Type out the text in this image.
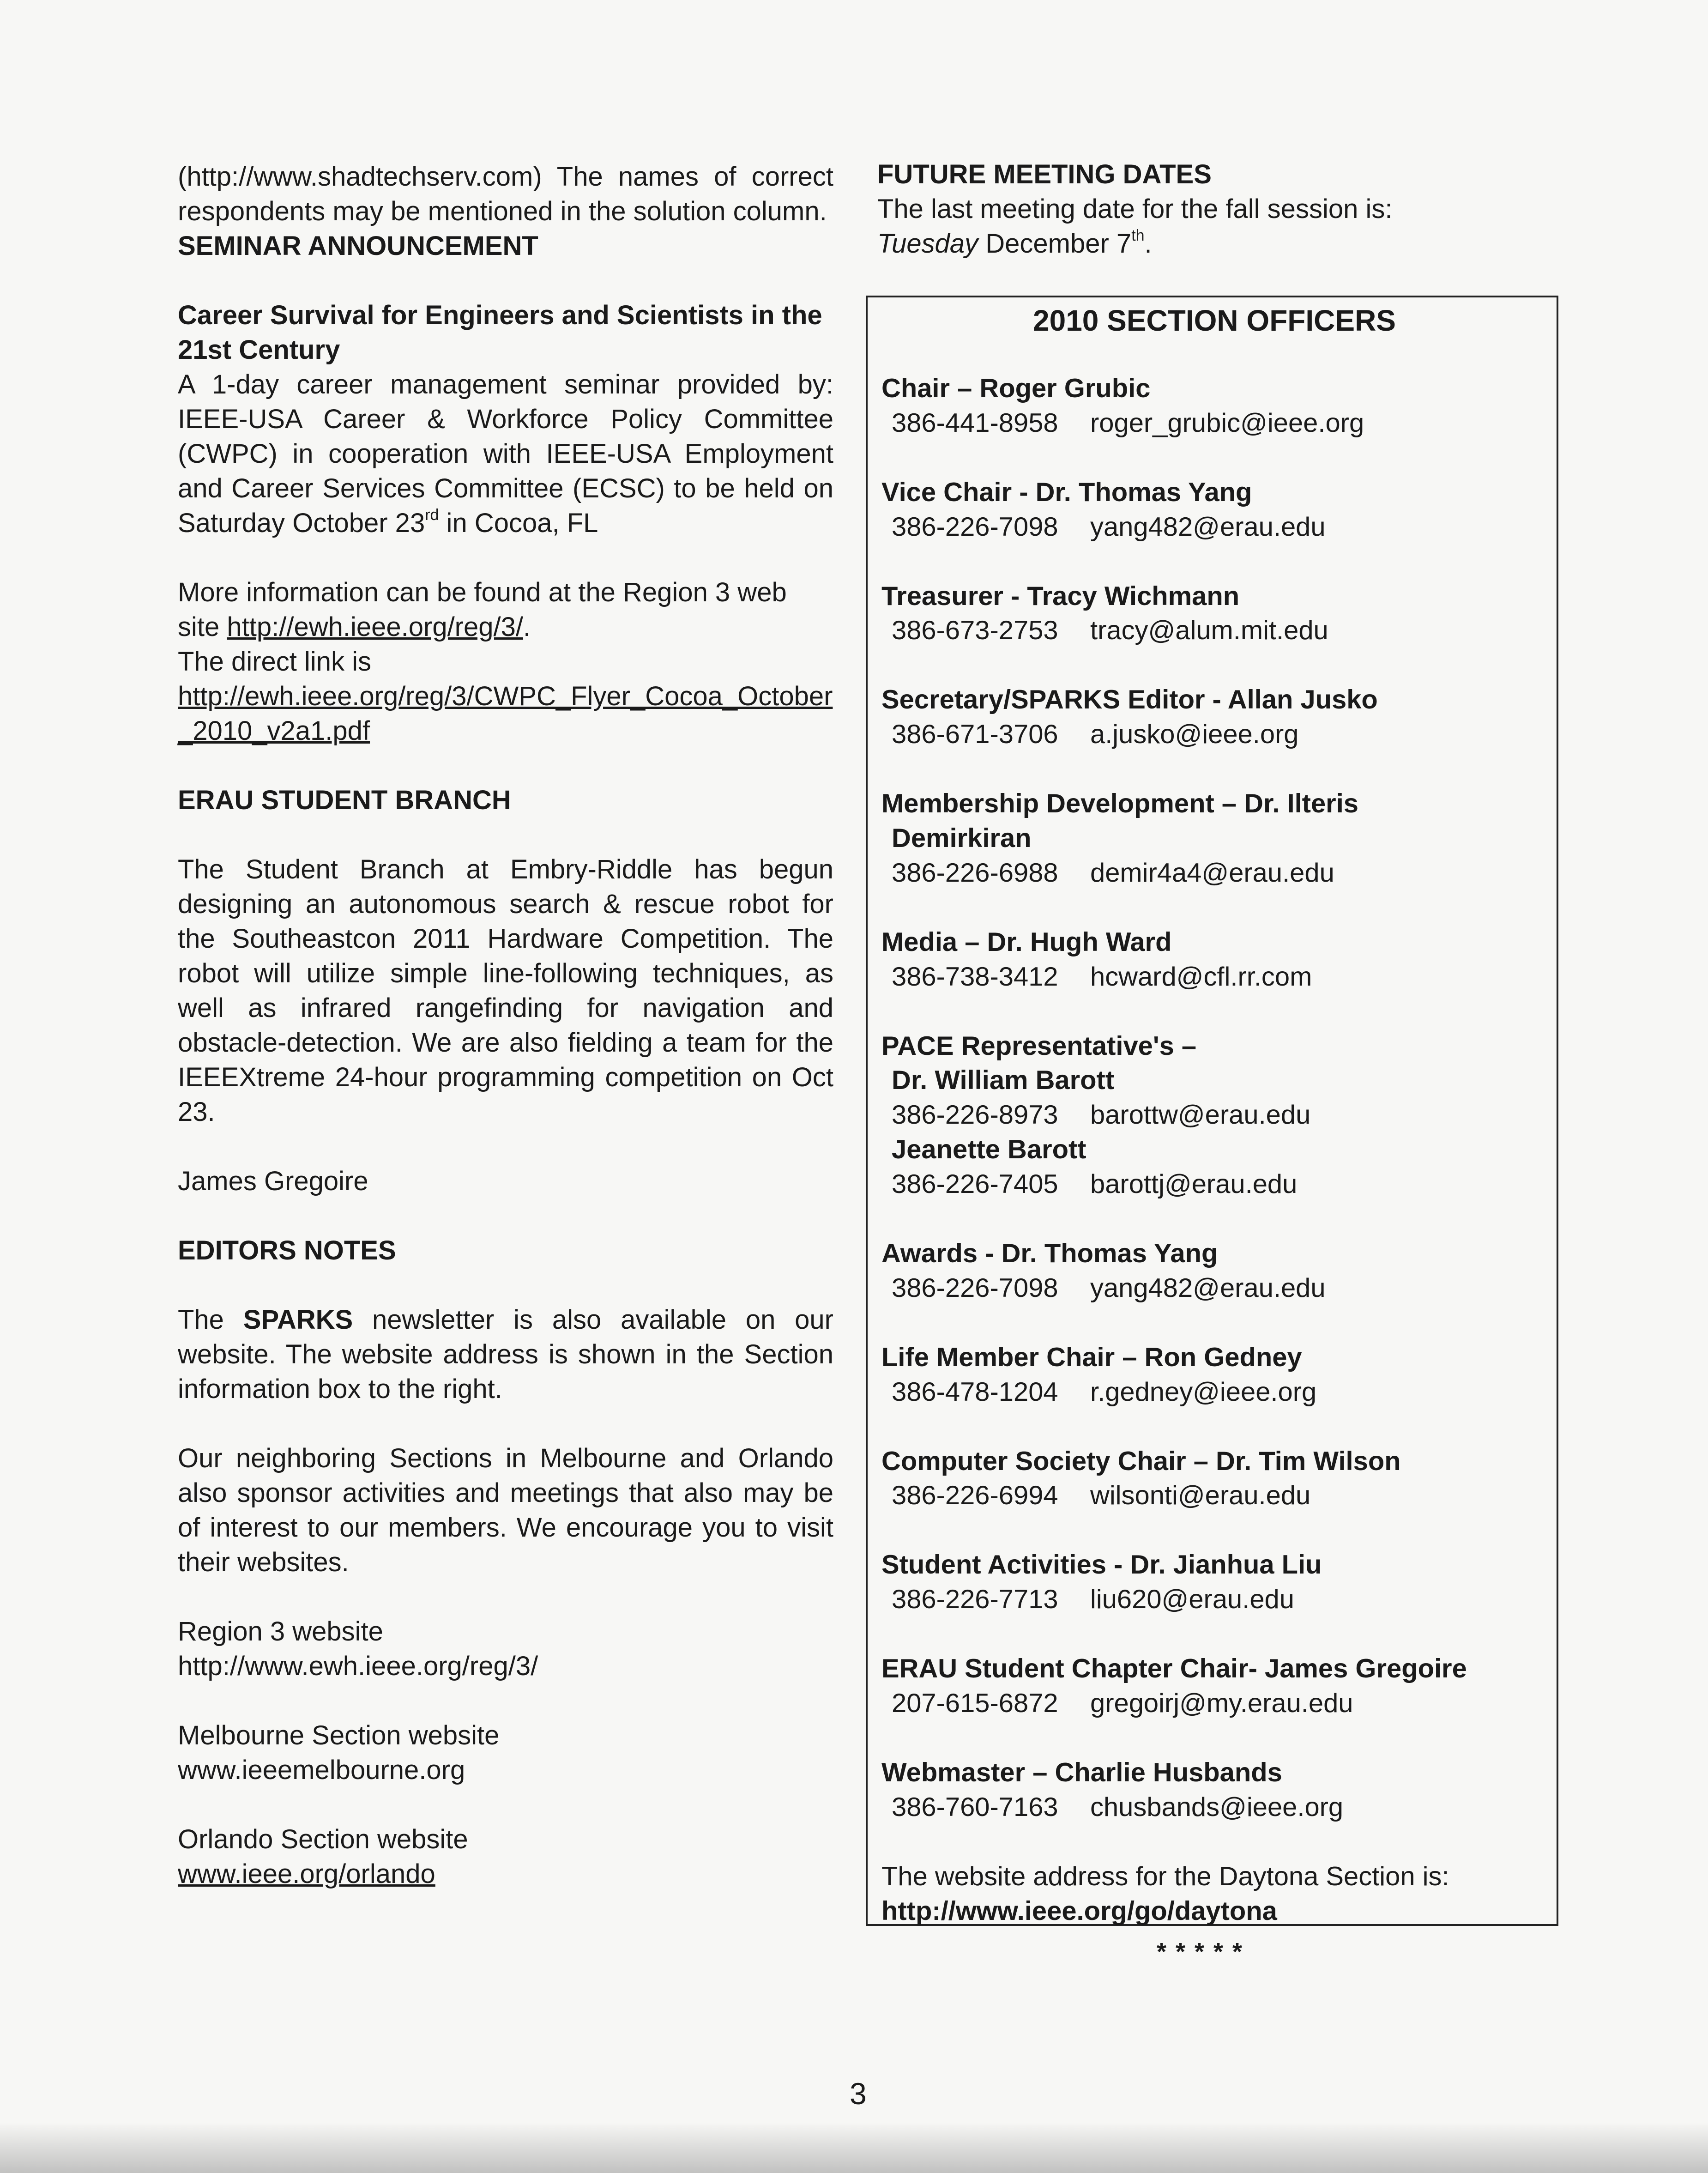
(http://www.shadtechserv.com) The names of correct respondents may be mentioned in the solution column.
SEMINAR ANNOUNCEMENT
Career Survival for Engineers and Scientists in the 21st Century
A 1-day career management seminar provided by: IEEE-USA Career & Workforce Policy Committee (CWPC) in cooperation with IEEE-USA Employment and Career Services Committee (ECSC) to be held on Saturday October 23rd in Cocoa, FL
More information can be found at the Region 3 web site http://ewh.ieee.org/reg/3/.
The direct link is
http://ewh.ieee.org/reg/3/CWPC_Flyer_Cocoa_October_2010_v2a1.pdf
ERAU STUDENT BRANCH
The Student Branch at Embry-Riddle has begun designing an autonomous search & rescue robot for the Southeastcon 2011 Hardware Competition. The robot will utilize simple line-following techniques, as well as infrared rangefinding for navigation and obstacle-detection. We are also fielding a team for the IEEEXtreme 24-hour programming competition on Oct 23.
James Gregoire
EDITORS NOTES
The SPARKS newsletter is also available on our website. The website address is shown in the Section information box to the right.
Our neighboring Sections in Melbourne and Orlando also sponsor activities and meetings that also may be of interest to our members. We encourage you to visit their websites.
Region 3 website
http://www.ewh.ieee.org/reg/3/
Melbourne Section website
www.ieeemelbourne.org
Orlando Section website
www.ieee.org/orlando
FUTURE MEETING DATES
The last meeting date for the fall session is:
Tuesday December 7th.
2010 SECTION OFFICERS
Chair – Roger Grubic
386-441-8958 roger_grubic@ieee.org
Vice Chair - Dr. Thomas Yang
386-226-7098 yang482@erau.edu
Treasurer - Tracy Wichmann
386-673-2753 tracy@alum.mit.edu
Secretary/SPARKS Editor - Allan Jusko
386-671-3706 a.jusko@ieee.org
Membership Development – Dr. Ilteris
Demirkiran
386-226-6988 demir4a4@erau.edu
Media – Dr. Hugh Ward
386-738-3412 hcward@cfl.rr.com
PACE Representative's –
Dr. William Barott
386-226-8973 barottw@erau.edu
Jeanette Barott
386-226-7405 barottj@erau.edu
Awards - Dr. Thomas Yang
386-226-7098 yang482@erau.edu
Life Member Chair – Ron Gedney
386-478-1204 r.gedney@ieee.org
Computer Society Chair – Dr. Tim Wilson
386-226-6994 wilsonti@erau.edu
Student Activities - Dr. Jianhua Liu
386-226-7713 liu620@erau.edu
ERAU Student Chapter Chair- James Gregoire
207-615-6872 gregoirj@my.erau.edu
Webmaster – Charlie Husbands
386-760-7163 chusbands@ieee.org
The website address for the Daytona Section is:
http://www.ieee.org/go/daytona
*****
3
